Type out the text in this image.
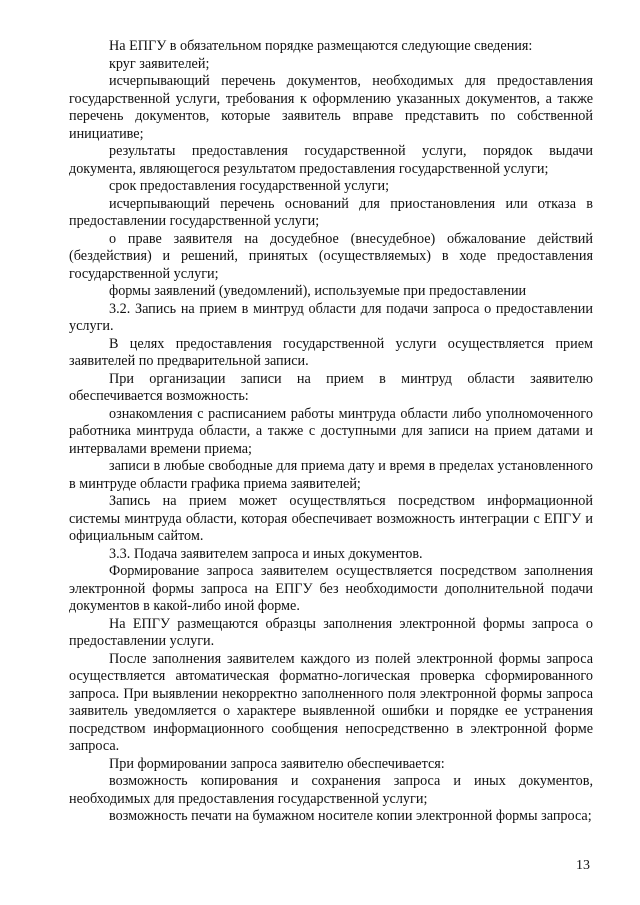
На ЕПГУ в обязательном порядке размещаются следующие сведения:

круг заявителей;

исчерпывающий перечень документов, необходимых для предоставления государственной услуги, требования к оформлению указанных документов, а также перечень документов, которые заявитель вправе представить по собственной инициативе;

результаты предоставления государственной услуги, порядок выдачи документа, являющегося результатом предоставления государственной услуги;

срок предоставления государственной услуги;

исчерпывающий перечень оснований для приостановления или отказа в предоставлении государственной услуги;

о праве заявителя на досудебное (внесудебное) обжалование действий (бездействия) и решений, принятых (осуществляемых) в ходе предоставления государственной услуги;

формы заявлений (уведомлений), используемые при предоставлении

3.2. Запись на прием в минтруд области для подачи запроса о предоставлении услуги.

В целях предоставления государственной услуги осуществляется прием заявителей по предварительной записи.

При организации записи на прием в минтруд области заявителю обеспечивается возможность:

ознакомления с расписанием работы минтруда области либо уполномоченного работника минтруда области, а также с доступными для записи на прием датами и интервалами времени приема;

записи в любые свободные для приема дату и время в пределах установленного в минтруде области графика приема заявителей;

Запись на прием может осуществляться посредством информационной системы минтруда области, которая обеспечивает возможность интеграции с ЕПГУ и официальным сайтом.

3.3. Подача заявителем запроса и иных документов.

Формирование запроса заявителем осуществляется посредством заполнения электронной формы запроса на ЕПГУ без необходимости дополнительной подачи документов в какой-либо иной форме.

На ЕПГУ размещаются образцы заполнения электронной формы запроса о предоставлении услуги.

После заполнения заявителем каждого из полей электронной формы запроса осуществляется автоматическая форматно-логическая проверка сформированного запроса. При выявлении некорректно заполненного поля электронной формы запроса заявитель уведомляется о характере выявленной ошибки и порядке ее устранения посредством информационного сообщения непосредственно в электронной форме запроса.

При формировании запроса заявителю обеспечивается:

возможность копирования и сохранения запроса и иных документов, необходимых для предоставления государственной услуги;

возможность печати на бумажном носителе копии электронной формы запроса;

13
